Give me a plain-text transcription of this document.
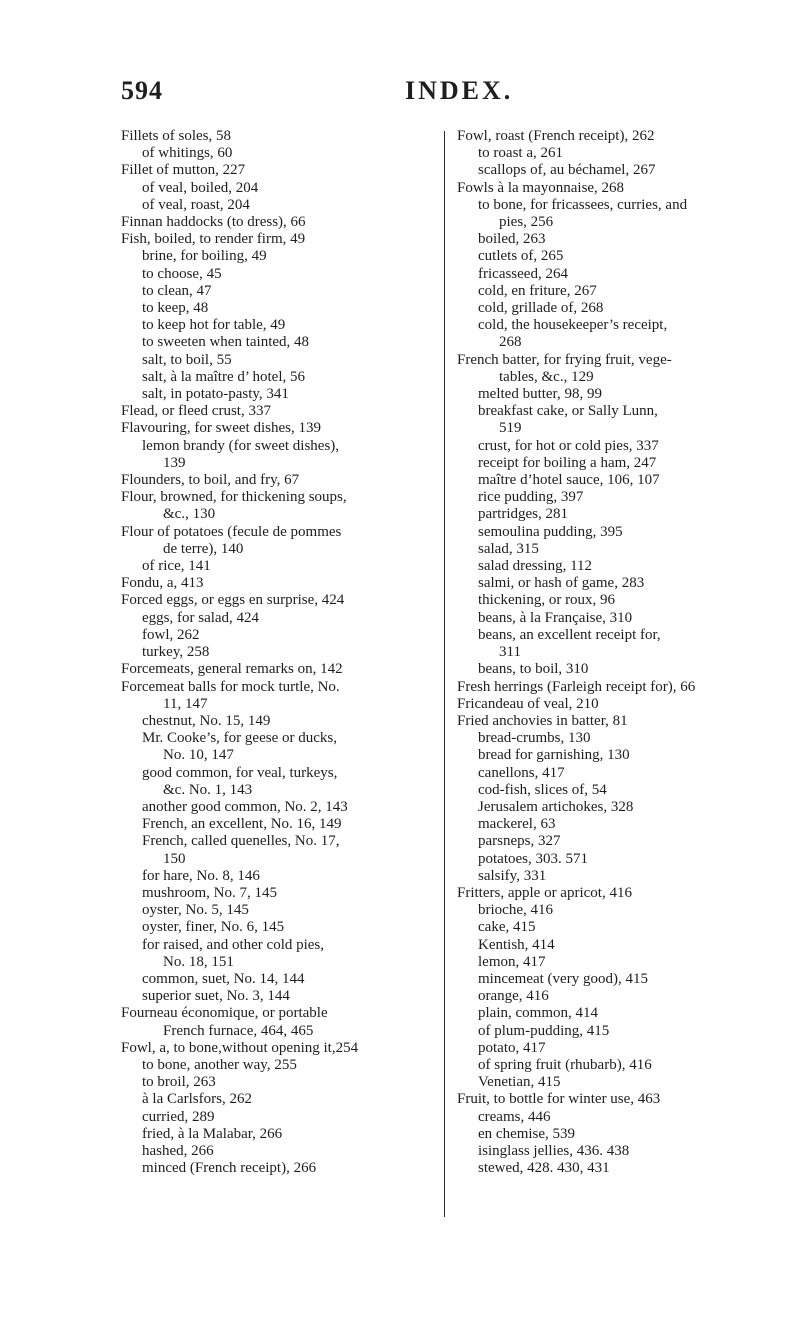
594	INDEX.
Fillets of soles, 58
of whitings, 60
Fillet of mutton, 227
of veal, boiled, 204
of veal, roast, 204
Finnan haddocks (to dress), 66
Fish, boiled, to render firm, 49
brine, for boiling, 49
to choose, 45
to clean, 47
to keep, 48
to keep hot for table, 49
to sweeten when tainted, 48
salt, to boil, 55
salt, à la maître d’ hotel, 56
salt, in potato-pasty, 341
Flead, or fleed crust, 337
Flavouring, for sweet dishes, 139
lemon brandy (for sweet dishes),
139
Flounders, to boil, and fry, 67
Flour, browned, for thickening soups,
&c., 130
Flour of potatoes (fecule de pommes
de terre), 140
of rice, 141
Fondu, a, 413
Forced eggs, or eggs en surprise, 424
eggs, for salad, 424
fowl, 262
turkey, 258
Forcemeats, general remarks on, 142
Forcemeat balls for mock turtle, No.
11, 147
chestnut, No. 15, 149
Mr. Cooke’s, for geese or ducks,
No. 10, 147
good common, for veal, turkeys,
&c. No. 1, 143
another good common, No. 2, 143
French, an excellent, No. 16, 149
French, called quenelles, No. 17,
150
for hare, No. 8, 146
mushroom, No. 7, 145
oyster, No. 5, 145
oyster, finer, No. 6, 145
for raised, and other cold pies,
No. 18, 151
common, suet, No. 14, 144
superior suet, No. 3, 144
Fourneau économique, or portable
French furnace, 464, 465
Fowl, a, to bone,without opening it,254
to bone, another way, 255
to broil, 263
à la Carlsfors, 262
curried, 289
fried, à la Malabar, 266
hashed, 266
minced (French receipt), 266
Fowl, roast (French receipt), 262
to roast a, 261
scallops of, au béchamel, 267
Fowls à la mayonnaise, 268
to bone, for fricassees, curries, and
pies, 256
boiled, 263
cutlets of, 265
fricasseed, 264
cold, en friture, 267
cold, grillade of, 268
cold, the housekeeper’s receipt,
268
French batter, for frying fruit, vege-
tables, &c., 129
melted butter, 98, 99
breakfast cake, or Sally Lunn,
519
crust, for hot or cold pies, 337
receipt for boiling a ham, 247
maître d’hotel sauce, 106, 107
rice pudding, 397
partridges, 281
semoulina pudding, 395
salad, 315
salad dressing, 112
salmi, or hash of game, 283
thickening, or roux, 96
beans, à la Française, 310
beans, an excellent receipt for,
311
beans, to boil, 310
Fresh herrings (Farleigh receipt for), 66
Fricandeau of veal, 210
Fried anchovies in batter, 81
bread-crumbs, 130
bread for garnishing, 130
canellons, 417
cod-fish, slices of, 54
Jerusalem artichokes, 328
mackerel, 63
parsneps, 327
potatoes, 303. 571
salsify, 331
Fritters, apple or apricot, 416
brioche, 416
cake, 415
Kentish, 414
lemon, 417
mincemeat (very good), 415
orange, 416
plain, common, 414
of plum-pudding, 415
potato, 417
of spring fruit (rhubarb), 416
Venetian, 415
Fruit, to bottle for winter use, 463
creams, 446
en chemise, 539
isinglass jellies, 436. 438
stewed, 428. 430, 431
